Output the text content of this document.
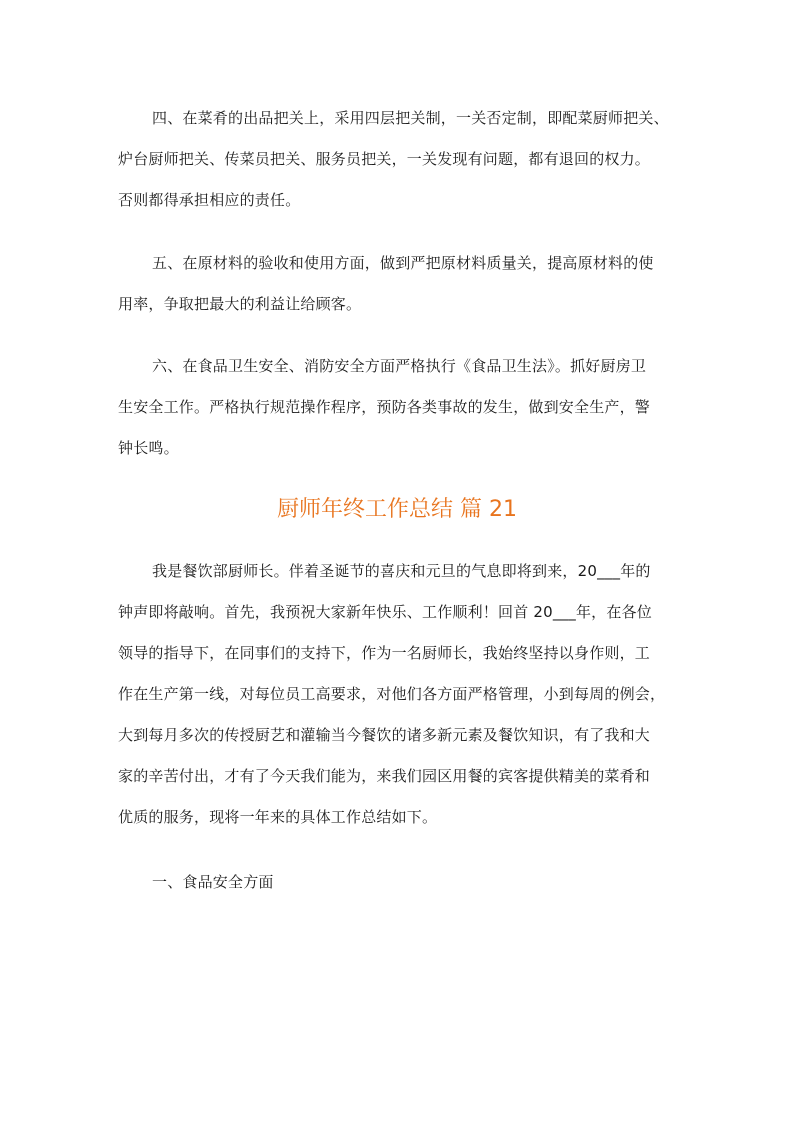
四、在菜肴的出品把关上，采用四层把关制，一关否定制，即配菜厨师把关、
炉台厨师把关、传菜员把关、服务员把关，一关发现有问题，都有退回的权力。
否则都得承担相应的责任。
五、在原材料的验收和使用方面，做到严把原材料质量关，提高原材料的使
用率，争取把最大的利益让给顾客。
六、在食品卫生安全、消防安全方面严格执行《食品卫生法》。抓好厨房卫
生安全工作。严格执行规范操作程序，预防各类事故的发生，做到安全生产，警
钟长鸣。
厨师年终工作总结 篇 21
我是餐饮部厨师长。伴着圣诞节的喜庆和元旦的气息即将到来，20___年的
钟声即将敲响。首先，我预祝大家新年快乐、工作顺利！回首 20___年，在各位
领导的指导下，在同事们的支持下，作为一名厨师长，我始终坚持以身作则，工
作在生产第一线，对每位员工高要求，对他们各方面严格管理，小到每周的例会，
大到每月多次的传授厨艺和灌输当今餐饮的诸多新元素及餐饮知识，有了我和大
家的辛苦付出，才有了今天我们能为，来我们园区用餐的宾客提供精美的菜肴和
优质的服务，现将一年来的具体工作总结如下。
一、食品安全方面
